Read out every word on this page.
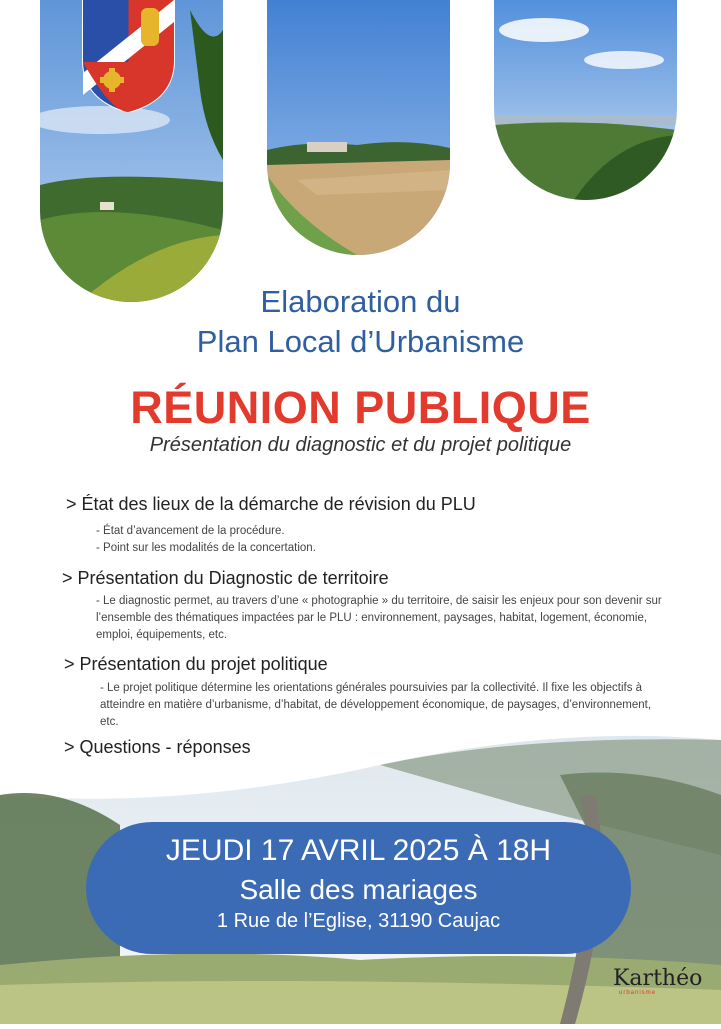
Elaboration du
Plan Local d’Urbanisme
RÉUNION PUBLIQUE
Présentation du diagnostic et du projet politique
> État des lieux de la démarche de révision du PLU
- État d’avancement de la procédure.
- Point sur les modalités de la concertation.
> Présentation du Diagnostic de territoire
- Le diagnostic permet, au travers d’une « photographie » du territoire, de saisir les enjeux pour son devenir sur l’ensemble des thématiques impactées par le PLU : environnement, paysages, habitat, logement, économie, emploi, équipements, etc.
> Présentation du projet politique
- Le projet politique détermine les orientations générales poursuivies par la collectivité. Il fixe les objectifs à atteindre en matière d’urbanisme, d’habitat, de développement économique, de paysages, d’environnement, etc.
> Questions - réponses
JEUDI 17 AVRIL 2025 À 18H
Salle des mariages
1 Rue de l’Eglise, 31190 Caujac
Karthéo
urbanisme
